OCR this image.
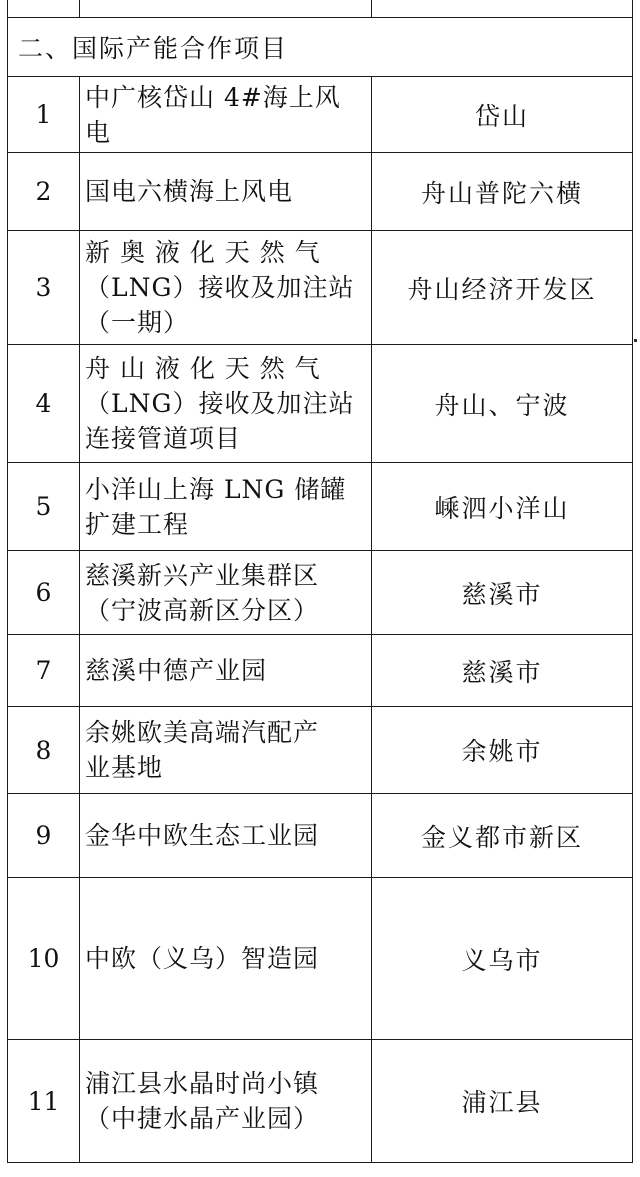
二、国际产能合作项目		
1	中广核岱山 4#海上风
电	岱山
2	国电六横海上风电	舟山普陀六横
3	新 奥 液 化 天 然 气
（LNG）接收及加注站
（一期）	舟山经济开发区
4	舟 山 液 化 天 然 气
（LNG）接收及加注站
连接管道项目	舟山、宁波
5	小洋山上海 LNG 储罐
扩建工程	嵊泗小洋山
6	慈溪新兴产业集群区
（宁波高新区分区）	慈溪市
7	慈溪中德产业园	慈溪市
8	余姚欧美高端汽配产
业基地	余姚市
9	金华中欧生态工业园	金义都市新区
10	中欧（义乌）智造园	义乌市
11	浦江县水晶时尚小镇
（中捷水晶产业园）	浦江县
